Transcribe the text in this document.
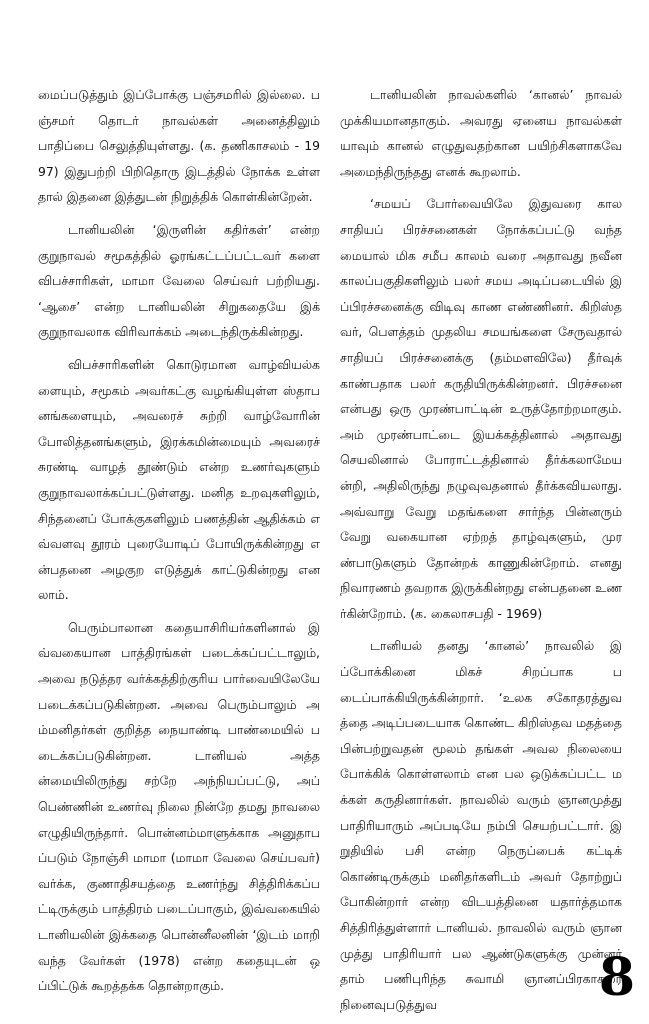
மைப்படுத்தும் இப்போக்கு பஞ்சமரில் இல்லை. பஞ்சமர் தொடர் நாவல்கள் அனைத்திலும் பாதிப்பை செலுத்தியுள்ளது. (க. தணிகாசலம் - 1997) இதுபற்றி பிறிதொரு இடத்தில் நோக்க உள்ளதால் இதனை இத்துடன் நிறுத்திக் கொள்கின்றேன்.

டானியலின் ‘இருளின் கதிர்கள்’ என்ற குறுநாவல் சமூகத்தில் ஓரங்கட்டப்பட்டவர் களை விபச்சாரிகள், மாமா வேலை செய்வர் பற்றியது. ‘ஆசை’ என்ற டானியலின் சிறுகதையே இக் குறுநாவலாக விரிவாக்கம் அடைந்திருக்கின்றது.

விபச்சாரிகளின் கொடுரமான வாழ்வியல்களையும், சமூகம் அவர்கட்கு வழங்கியுள்ள ஸ்தாபனங்களையும், அவரைச் சுற்றி வாழ்வோரின் போலித்தனங்களும், இரக்கமின்மையும் அவரைச் சுரண்டி வாழத் தூண்டும் என்ற உணர்வுகளும் குறுநாவலாக்கப்பட்டுள்ளது. மனித உறவுகளிலும், சிந்தனைப் போக்குகளிலும் பணத்தின் ஆதிக்கம் எவ்வளவு தூரம் புரையோடிப் போயிருக்கின்றது என்பதனை அழகுற எடுத்துக் காட்டுகின்றது எனலாம்.

பெரும்பாலான கதையாசிரியர்களினால் இவ்வகையான பாத்திரங்கள் படைக்கப்பட்டாலும், அவை நடுத்தர வர்க்கத்திற்குரிய பார்வையிலேயே படைக்கப்படுகின்றன. அவை பெரும்பாலும் அம்மனிதர்கள் குறித்த நையாண்டி பாண்மையில் படைக்கப்படுகின்றன. டானியல் அத்தன்மையிலிருந்து சற்றே அந்நியப்பட்டு, அப் பெண்ணின் உணர்வு நிலை நின்றே தமது நாவலை எழுதியிருந்தார். பொன்னம்மாளுக்காக அனுதாபப்படும் நோஞ்சி மாமா (மாமா வேலை செய்பவர்) வர்க்க, குணாதிசயத்தை உணர்ந்து சித்திரிக்கப்பட்டிருக்கும் பாத்திரம் படைப்பாகும், இவ்வகையில் டானியலின் இக்கதை பொன்னீலனின் ‘இடம் மாறி வந்த வேர்கள் (1978) என்ற கதையுடன் ஒப்பிட்டுக் கூறத்தக்க தொன்றாகும்.

டானியலின் நாவல்களில் ‘கானல்’ நாவல் முக்கியமானதாகும். அவரது ஏனைய நாவல்கள் யாவும் கானல் எழுதுவதற்கான பயிற்சிகளாகவே அமைந்திருந்தது எனக் கூறலாம்.

‘சமயப் போர்வையிலே இதுவரை கால சாதியப் பிரச்சனைகள் நோக்கப்பட்டு வந்தமையால் மிக சமீப காலம் வரை அதாவது நவீன காலப்பகுதிகளிலும் பலர் சமய அடிப்படையில் இப்பிரச்சனைக்கு விடிவு காண எண்ணினர். கிறிஸ்தவர், பௌத்தம் முதலிய சமயங்களை சேருவதால் சாதியப் பிரச்சனைக்கு (தம்மளவிலே) தீர்வுக் காண்பதாக பலர் கருதியிருக்கின்றனர். பிரச்சனை என்பது ஒரு முரண்பாட்டின் உருத்தோற்றமாகும். அம் முரண்பாட்டை இயக்கத்தினால் அதாவது செயலினால் போராட்டத்தினால் தீர்க்கலாமேயன்றி, அதிலிருந்து நழுவுவதனால் தீர்க்கவியலாது. அவ்வாறு வேறு மதங்களை சார்ந்த பின்னரும் வேறு வகையான ஏற்றத் தாழ்வுகளும், முரண்பாடுகளும் தோன்றக் காணுகின்றோம். எனது நிவாரணம் தவறாக இருக்கின்றது என்பதனை உணர்கின்றோம். (க. கைலாசபதி - 1969)

டானியல் தனது ‘கானல்’ நாவலில் இப்போக்கினை மிகச் சிறப்பாக படைப்பாக்கியிருக்கின்றார். ‘உலக சகோதரத்துவத்தை அடிப்படையாக கொண்ட கிறிஸ்தவ மதத்தை பின்பற்றுவதன் மூலம் தங்கள் அவல நிலையை போக்கிக் கொள்ளலாம் என பல ஒடுக்கப்பட்ட மக்கள் கருதினார்கள். நாவலில் வரும் ஞானமுத்து பாதிரியாரும் அப்படியே நம்பி செயற்பட்டார். இறுதியில் பசி என்ற நெருப்பைக் கட்டிக் கொண்டிருக்கும் மனிதர்களிடம் அவர் தோற்றுப் போகின்றார் என்ற விடயத்தினை யதார்த்தமாக சித்திரித்துள்ளார் டானியல். நாவலில் வரும் ஞானமுத்து பாதிரியார் பல ஆண்டுகளுக்கு முன்னர் தாம் பணிபுரிந்த சுவாமி ஞானப்பிரகாசரை நினைவுபடுத்துவ	8
